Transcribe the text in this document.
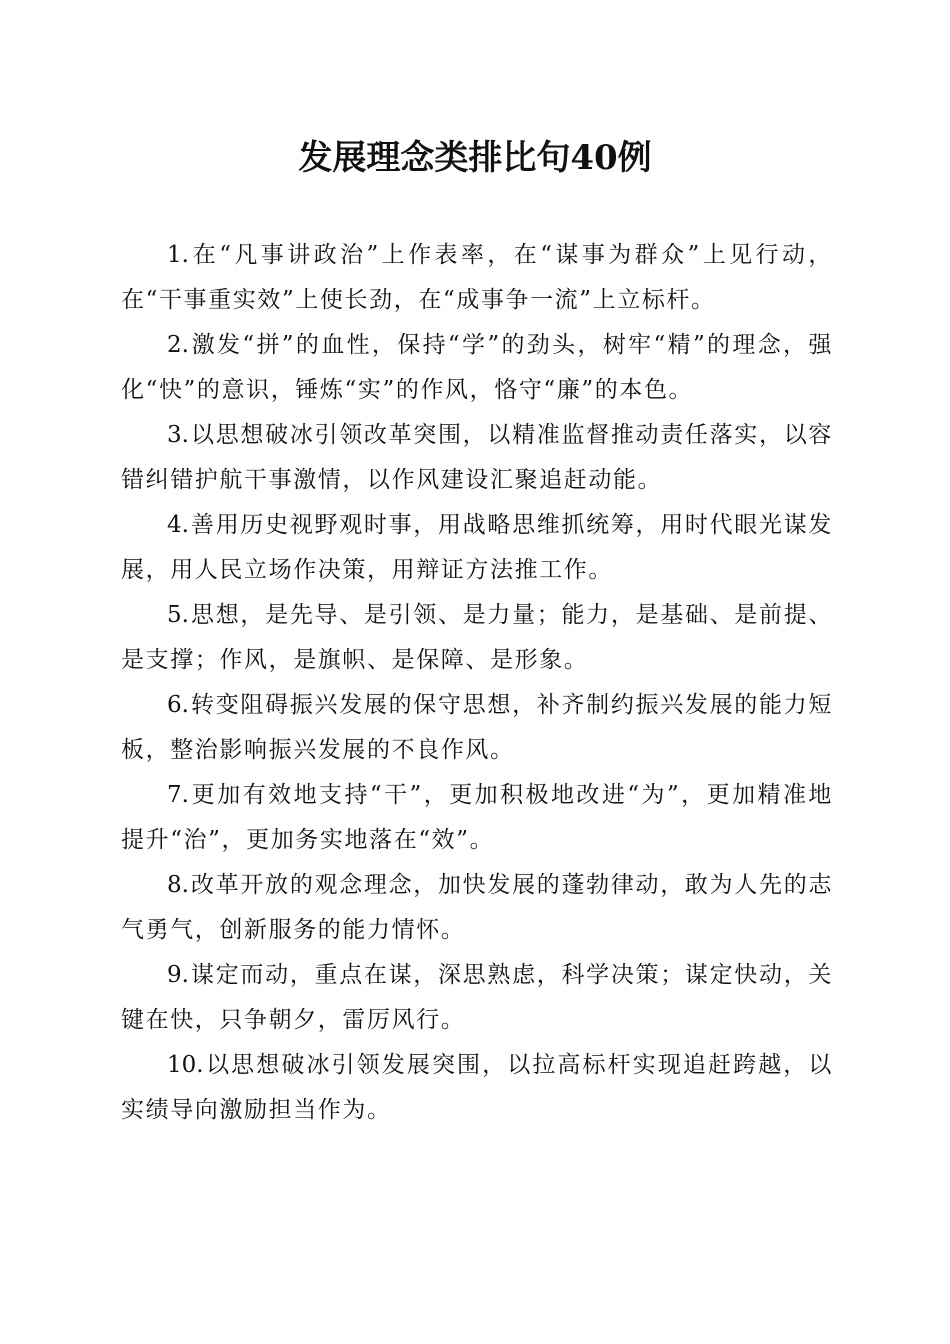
发展理念类排比句40例

1.在“凡事讲政治”上作表率，在“谋事为群众”上见行动，在“干事重实效”上使长劲，在“成事争一流”上立标杆。

2.激发“拼”的血性，保持“学”的劲头，树牢“精”的理念，强化“快”的意识，锤炼“实”的作风，恪守“廉”的本色。

3.以思想破冰引领改革突围，以精准监督推动责任落实，以容错纠错护航干事激情，以作风建设汇聚追赶动能。

4.善用历史视野观时事，用战略思维抓统筹，用时代眼光谋发展，用人民立场作决策，用辩证方法推工作。

5.思想，是先导、是引领、是力量；能力，是基础、是前提、是支撑；作风，是旗帜、是保障、是形象。

6.转变阻碍振兴发展的保守思想，补齐制约振兴发展的能力短板，整治影响振兴发展的不良作风。

7.更加有效地支持“干”，更加积极地改进“为”，更加精准地提升“治”，更加务实地落在“效”。

8.改革开放的观念理念，加快发展的蓬勃律动，敢为人先的志气勇气，创新服务的能力情怀。

9.谋定而动，重点在谋，深思熟虑，科学决策；谋定快动，关键在快，只争朝夕，雷厉风行。

10.以思想破冰引领发展突围，以拉高标杆实现追赶跨越，以实绩导向激励担当作为。
